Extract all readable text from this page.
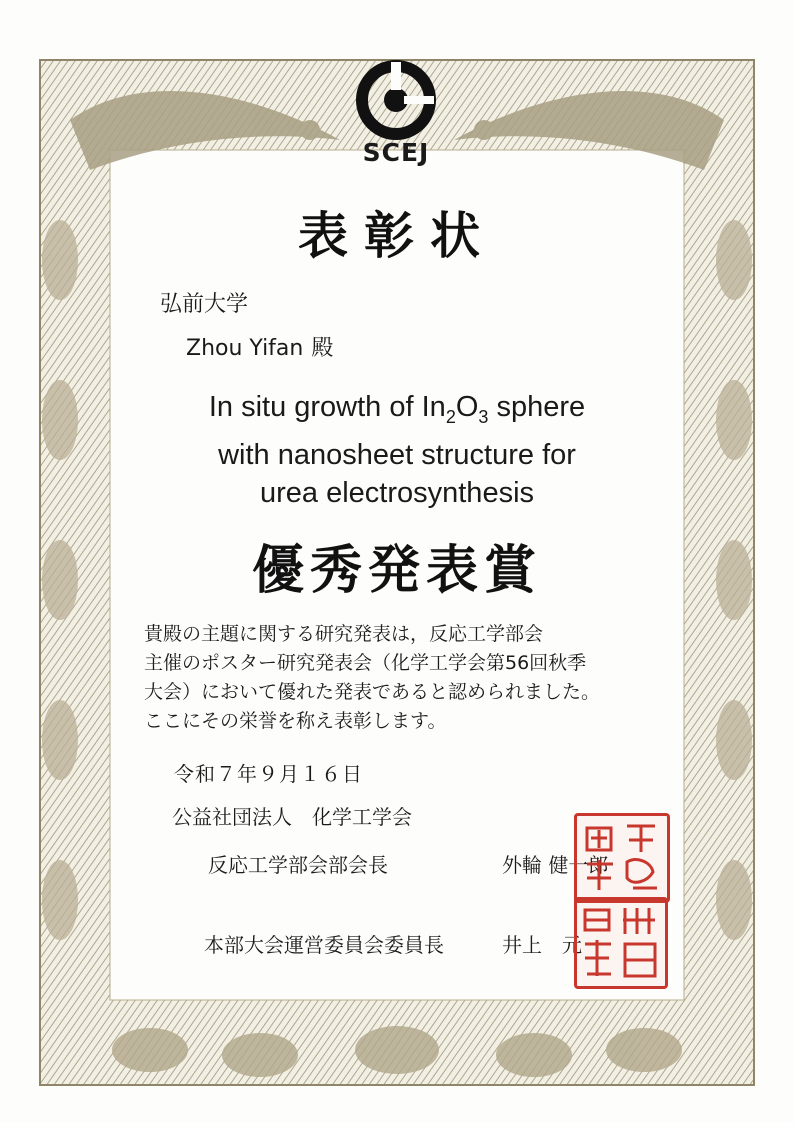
SCEJ
表彰状
弘前大学
Zhou Yifan 殿
In situ growth of $In_2O_3$ sphere
with nanosheet structure for
urea electrosynthesis
優秀発表賞
貴殿の主題に関する研究発表は，反応工学部会
主催のポスター研究発表会（化学工学会第56回秋季
大会）において優れた発表であると認められました。
ここにその栄誉を称え表彰します。
令和７年９月１６日
公益社団法人 化学工学会
反応工学部会部会長	外輪 健一郎
本部大会運営委員会委員長	井上　元
